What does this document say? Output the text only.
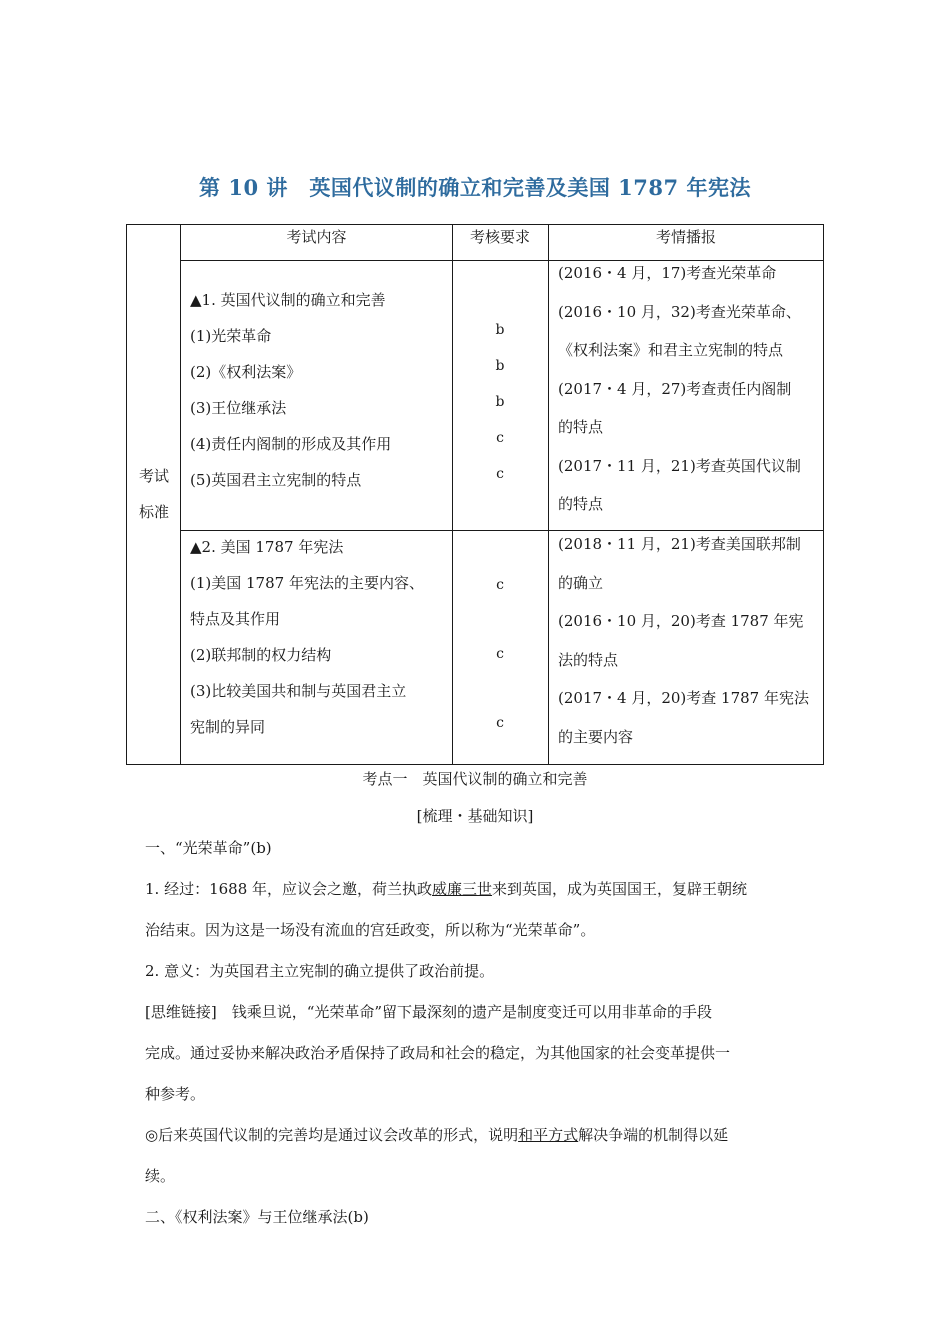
第 10 讲　英国代议制的确立和完善及美国 1787 年宪法
考试
标准
考试内容	考核要求	考情播报
▲1. 英国代议制的确立和完善
(1)光荣革命
(2)《权利法案》
(3)王位继承法
(4)责任内阁制的形成及其作用
(5)英国君主立宪制的特点
b
b
b
c
c
(2016・4 月，17)考查光荣革命
(2016・10 月，32)考查光荣革命、
《权利法案》和君主立宪制的特点
(2017・4 月，27)考查责任内阁制
的特点
(2017・11 月，21)考查英国代议制
的特点
▲2. 美国 1787 年宪法
(1)美国 1787 年宪法的主要内容、
特点及其作用
(2)联邦制的权力结构
(3)比较美国共和制与英国君主立
宪制的异同
c
c
c
(2018・11 月，21)考查美国联邦制
的确立
(2016・10 月，20)考查 1787 年宪
法的特点
(2017・4 月，20)考查 1787 年宪法
的主要内容
考点一　英国代议制的确立和完善
[梳理・基础知识]
一、“光荣革命”(b)
1. 经过：1688 年，应议会之邀，荷兰执政威廉三世来到英国，成为英国国王，复辟王朝统
治结束。因为这是一场没有流血的宫廷政变，所以称为“光荣革命”。
2. 意义：为英国君主立宪制的确立提供了政治前提。
[思维链接]　钱乘旦说，“光荣革命”留下最深刻的遗产是制度变迁可以用非革命的手段
完成。通过妥协来解决政治矛盾保持了政局和社会的稳定，为其他国家的社会变革提供一
种参考。
◎后来英国代议制的完善均是通过议会改革的形式，说明和平方式解决争端的机制得以延
续。
二、《权利法案》与王位继承法(b)
